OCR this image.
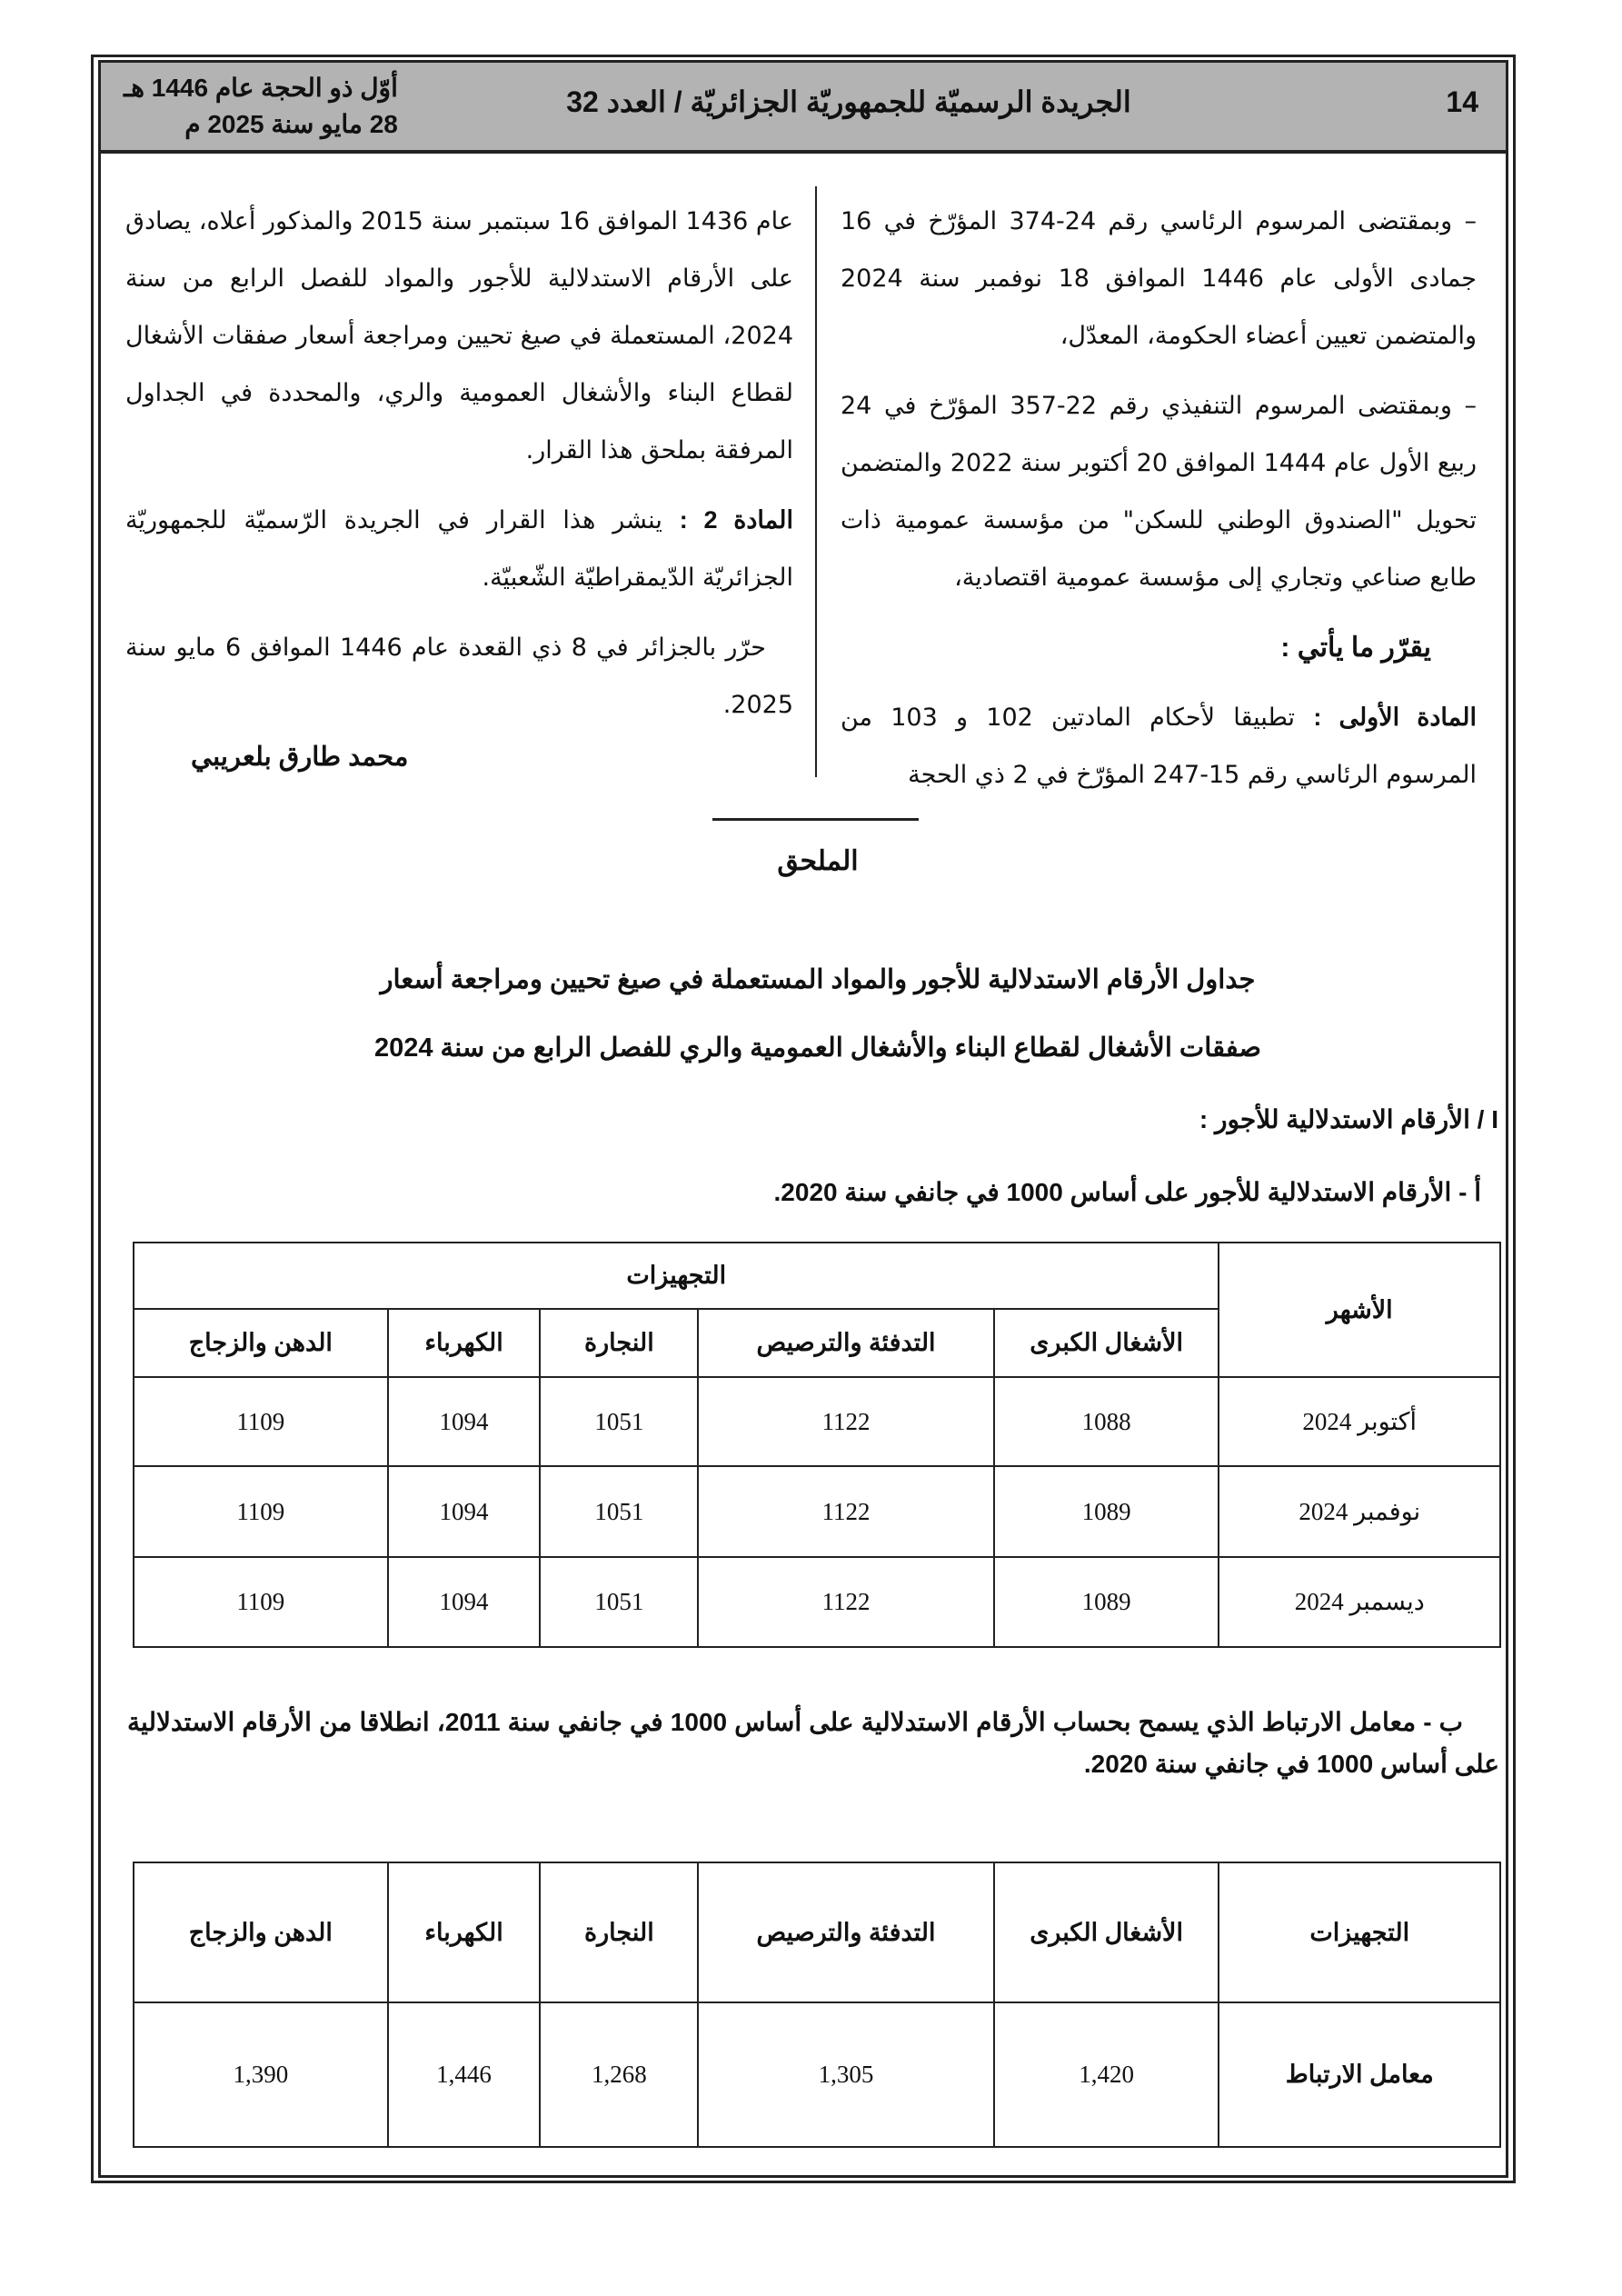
14
الجريدة الرسميّة للجمهوريّة الجزائريّة / العدد 32
أوّل ذو الحجة عام 1446 هـ
28 مايو سنة 2025 م

– وبمقتضى المرسوم الرئاسي رقم 24-374 المؤرّخ في 16 جمادى الأولى عام 1446 الموافق 18 نوفمبر سنة 2024 والمتضمن تعيين أعضاء الحكومة، المعدّل،

– وبمقتضى المرسوم التنفيذي رقم 22-357 المؤرّخ في 24 ربيع الأول عام 1444 الموافق 20 أكتوبر سنة 2022 والمتضمن تحويل "الصندوق الوطني للسكن" من مؤسسة عمومية ذات طابع صناعي وتجاري إلى مؤسسة عمومية اقتصادية،

يقرّر ما يأتي :

المادة الأولى : تطبيقا لأحكام المادتين 102 و 103 من المرسوم الرئاسي رقم 15-247 المؤرّخ في 2 ذي الحجة

عام 1436 الموافق 16 سبتمبر سنة 2015 والمذكور أعلاه، يصادق على الأرقام الاستدلالية للأجور والمواد للفصل الرابع من سنة 2024، المستعملة في صيغ تحيين ومراجعة أسعار صفقات الأشغال لقطاع البناء والأشغال العمومية والري، والمحددة في الجداول المرفقة بملحق هذا القرار.

المادة 2 : ينشر هذا القرار في الجريدة الرّسميّة للجمهوريّة الجزائريّة الدّيمقراطيّة الشّعبيّة.

حرّر بالجزائر في 8 ذي القعدة عام 1446 الموافق 6 مايو سنة 2025.

محمد طارق بلعريبي
الملحق
جداول الأرقام الاستدلالية للأجور والمواد المستعملة في صيغ تحيين ومراجعة أسعار
صفقات الأشغال لقطاع البناء والأشغال العمومية والري للفصل الرابع من سنة 2024
I / الأرقام الاستدلالية للأجور :
أ - الأرقام الاستدلالية للأجور على أساس 1000 في جانفي سنة 2020.
الأشهر	التجهيزات				
	الأشغال الكبرى	التدفئة والترصيص	النجارة	الكهرباء	الدهن والزجاج
أكتوبر 2024	1088	1122	1051	1094	1109
نوفمبر 2024	1089	1122	1051	1094	1109
ديسمبر 2024	1089	1122	1051	1094	1109
ب - معامل الارتباط الذي يسمح بحساب الأرقام الاستدلالية على أساس 1000 في جانفي سنة 2011، انطلاقا من الأرقام الاستدلالية على أساس 1000 في جانفي سنة 2020.
التجهيزات	الأشغال الكبرى	التدفئة والترصيص	النجارة	الكهرباء	الدهن والزجاج
معامل الارتباط	1,420	1,305	1,268	1,446	1,390
